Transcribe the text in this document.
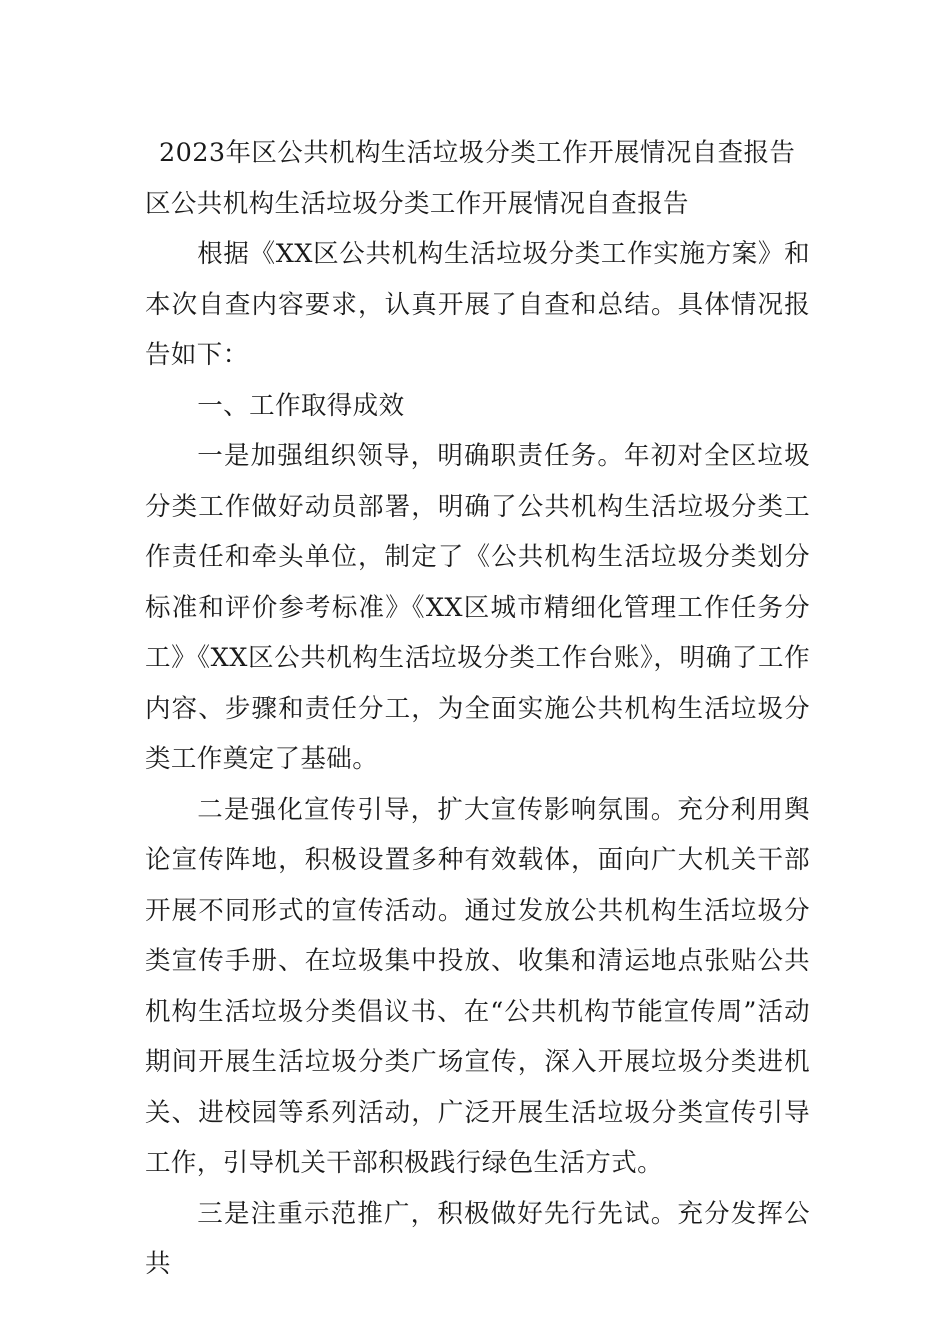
2023年区公共机构生活垃圾分类工作开展情况自查报告

区公共机构生活垃圾分类工作开展情况自查报告

根据《XX区公共机构生活垃圾分类工作实施方案》和本次自查内容要求，认真开展了自查和总结。具体情况报告如下：

一、工作取得成效

一是加强组织领导，明确职责任务。年初对全区垃圾分类工作做好动员部署，明确了公共机构生活垃圾分类工作责任和牵头单位，制定了《公共机构生活垃圾分类划分标准和评价参考标准》《XX区城市精细化管理工作任务分工》《XX区公共机构生活垃圾分类工作台账》，明确了工作内容、步骤和责任分工，为全面实施公共机构生活垃圾分类工作奠定了基础。

二是强化宣传引导，扩大宣传影响氛围。充分利用舆论宣传阵地，积极设置多种有效载体，面向广大机关干部开展不同形式的宣传活动。通过发放公共机构生活垃圾分类宣传手册、在垃圾集中投放、收集和清运地点张贴公共机构生活垃圾分类倡议书、在“公共机构节能宣传周”活动期间开展生活垃圾分类广场宣传，深入开展垃圾分类进机关、进校园等系列活动，广泛开展生活垃圾分类宣传引导工作，引导机关干部积极践行绿色生活方式。

三是注重示范推广，积极做好先行先试。充分发挥公共
